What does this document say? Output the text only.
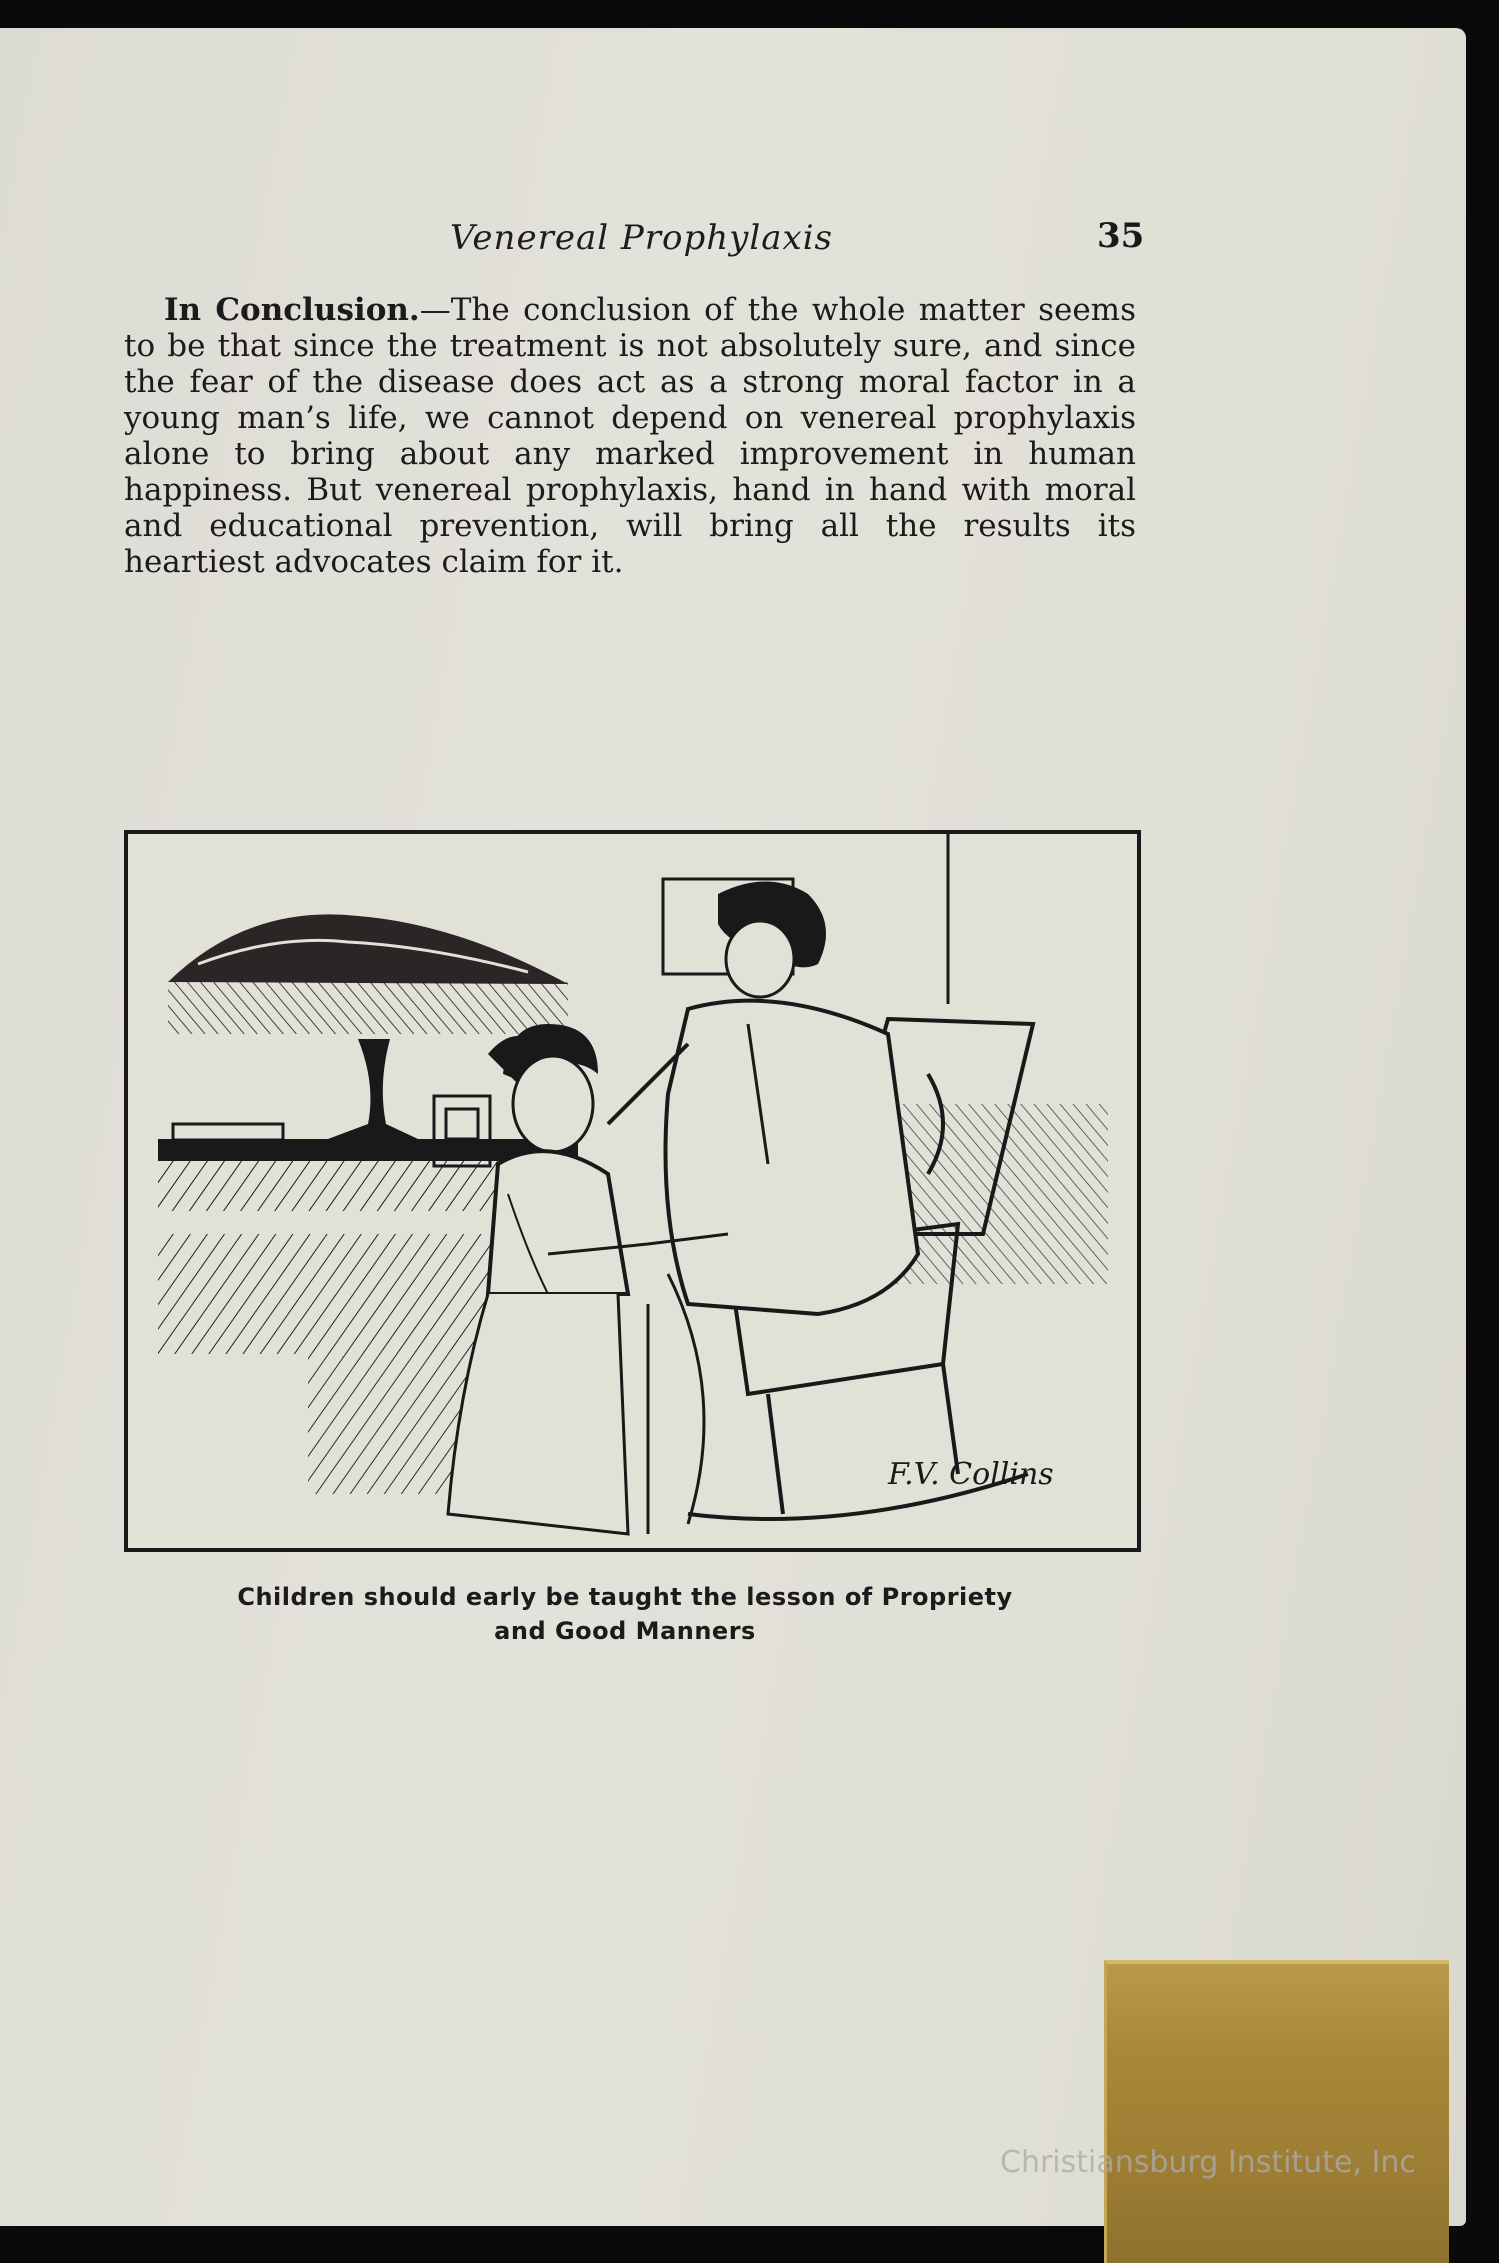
Venereal Prophylaxis	35
In Conclusion.—The conclusion of the whole matter seems to be that since the treatment is not absolutely sure, and since the fear of the disease does act as a strong moral factor in a young man’s life, we cannot depend on venereal prophylaxis alone to bring about any marked improvement in human happiness. But venereal prophylaxis, hand in hand with moral and educational prevention, will bring all the results its heartiest advocates claim for it.
F.V. Collins
Children should early be taught the lesson of Propriety
and Good Manners
Christiansburg Institute, Inc
